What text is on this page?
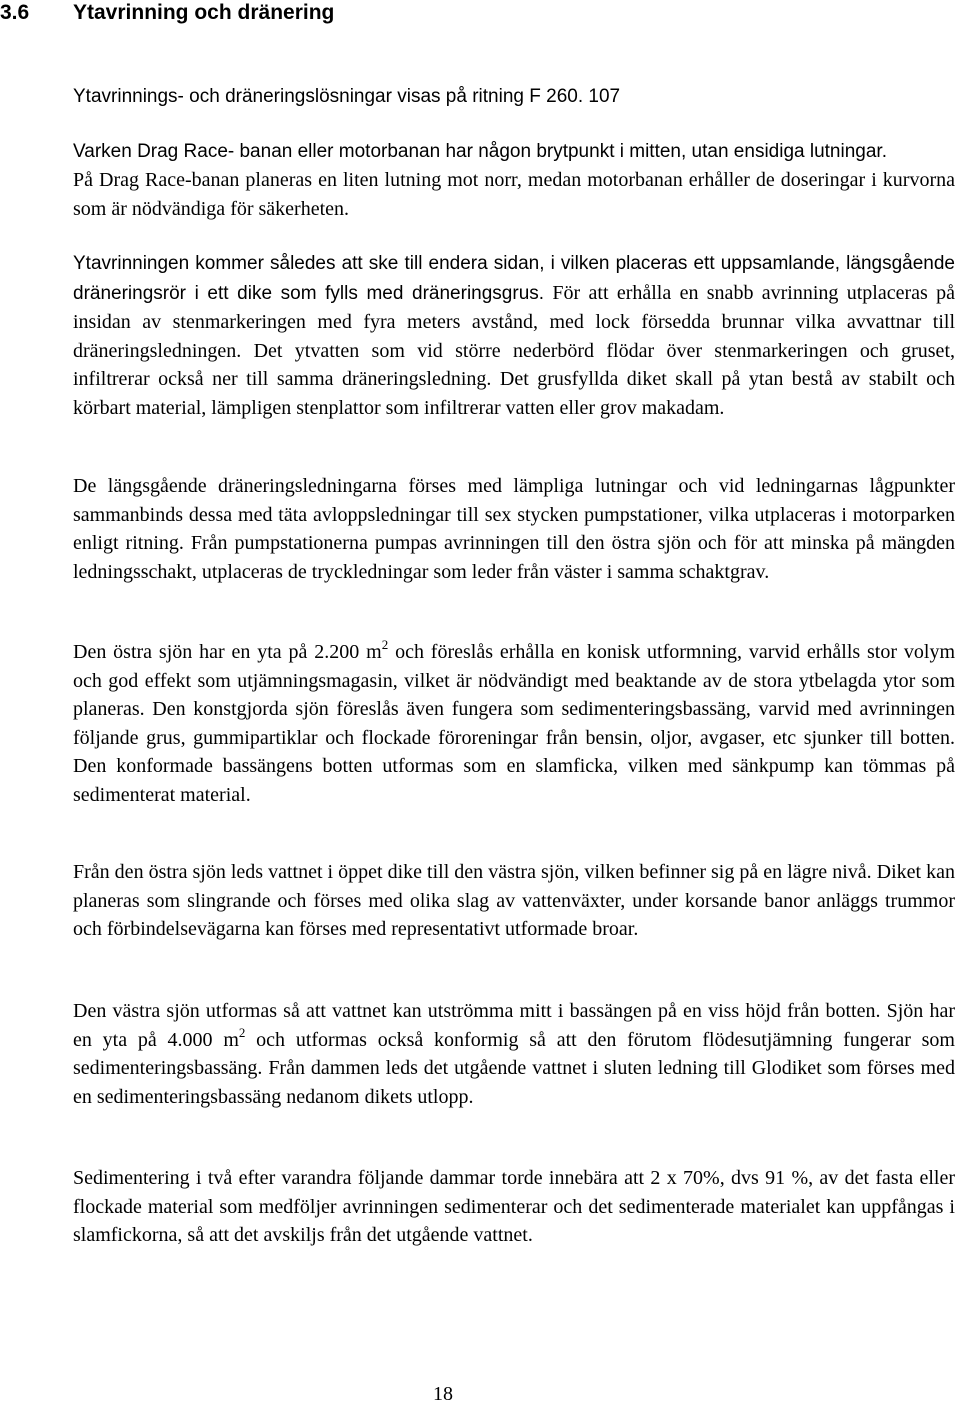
3.6 Ytavrinning och dränering

Ytavrinnings- och dräneringslösningar visas på ritning F 260. 107

Varken Drag Race- banan eller motorbanan har någon brytpunkt i mitten, utan ensidiga lutningar.

På Drag Race-banan planeras en liten lutning mot norr, medan motorbanan erhåller de doseringar i kurvorna som är nödvändiga för säkerheten.

Ytavrinningen kommer således att ske till endera sidan, i vilken placeras ett uppsamlande, längsgående dräneringsrör i ett dike som fylls med dräneringsgrus. För att erhålla en snabb avrinning utplaceras på insidan av stenmarkeringen med fyra meters avstånd, med lock försedda brunnar vilka avvattnar till dräneringsledningen. Det ytvatten som vid större nederbörd flödar över stenmarkeringen och gruset, infiltrerar också ner till samma dräneringsledning. Det grusfyllda diket skall på ytan bestå av stabilt och körbart material, lämpligen stenplattor som infiltrerar vatten eller grov makadam.

De längsgående dräneringsledningarna förses med lämpliga lutningar och vid ledningarnas lågpunkter sammanbinds dessa med täta avloppsledningar till sex stycken pumpstationer, vilka utplaceras i motorparken enligt ritning. Från pumpstationerna pumpas avrinningen till den östra sjön och för att minska på mängden ledningsschakt, utplaceras de tryckledningar som leder från väster i samma schaktgrav.

Den östra sjön har en yta på 2.200 $m^2$ och föreslås erhålla en konisk utformning, varvid erhålls stor volym och god effekt som utjämningsmagasin, vilket är nödvändigt med beaktande av de stora ytbelagda ytor som planeras. Den konstgjorda sjön föreslås även fungera som sedimenteringsbassäng, varvid med avrinningen följande grus, gummipartiklar och flockade föroreningar från bensin, oljor, avgaser, etc sjunker till botten. Den konformade bassängens botten utformas som en slamficka, vilken med sänkpump kan tömmas på sedimenterat material.

Från den östra sjön leds vattnet i öppet dike till den västra sjön, vilken befinner sig på en lägre nivå. Diket kan planeras som slingrande och förses med olika slag av vattenväxter, under korsande banor anläggs trummor och förbindelsevägarna kan förses med representativt utformade broar.

Den västra sjön utformas så att vattnet kan utströmma mitt i bassängen på en viss höjd från botten. Sjön har en yta på 4.000 $m^2$ och utformas också konformig så att den förutom flödesutjämning fungerar som sedimenteringsbassäng. Från dammen leds det utgående vattnet i sluten ledning till Glodiket som förses med en sedimenteringsbassäng nedanom dikets utlopp.

Sedimentering i två efter varandra följande dammar torde innebära att 2 x 70%, dvs 91 %, av det fasta eller flockade material som medföljer avrinningen sedimenterar och det sedimenterade materialet kan uppfångas i slamfickorna, så att det avskiljs från det utgående vattnet.

18
